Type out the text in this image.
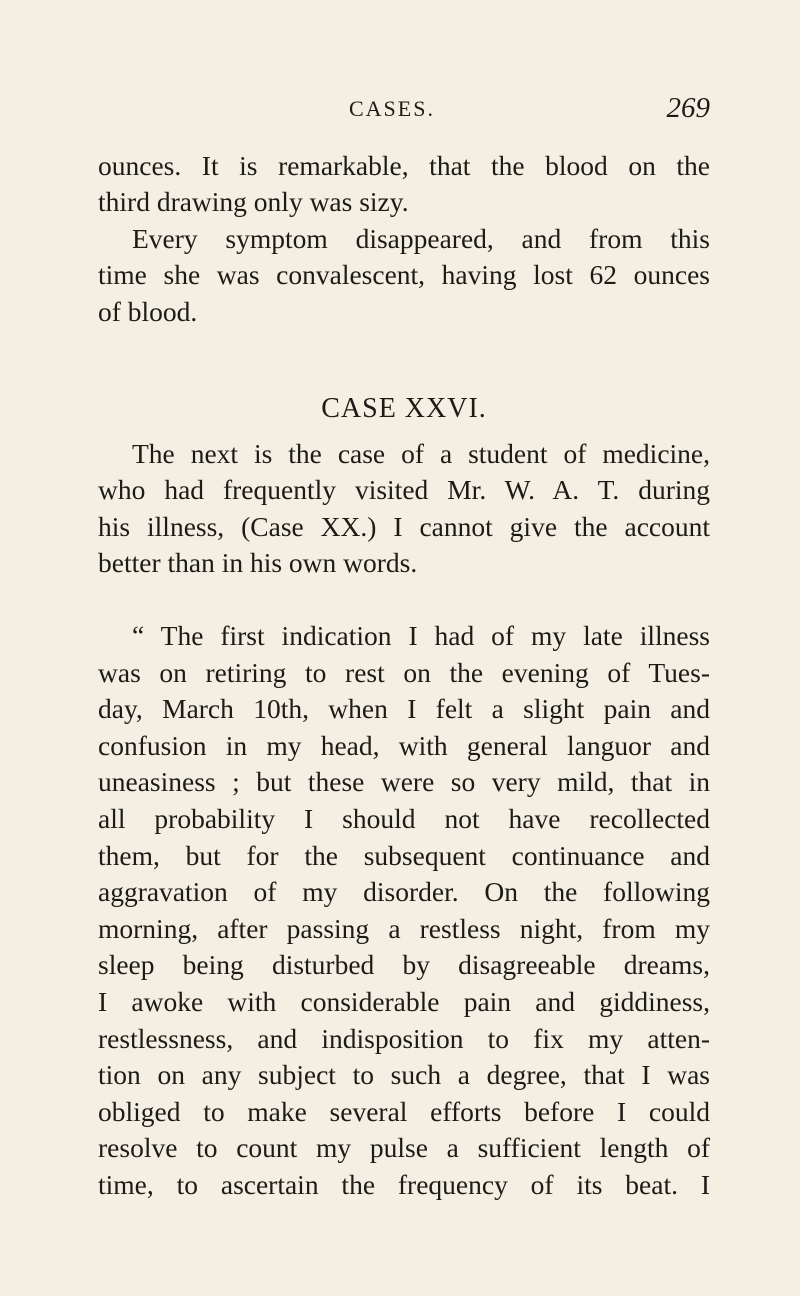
CASES.	269
ounces. It is remarkable, that the blood on the
third drawing only was sizy.
Every symptom disappeared, and from this
time she was convalescent, having lost 62 ounces
of blood.
CASE XXVI.
The next is the case of a student of medicine,
who had frequently visited Mr. W. A. T. during
his illness, (Case XX.) I cannot give the account
better than in his own words.
“ The first indication I had of my late illness
was on retiring to rest on the evening of Tues-
day, March 10th, when I felt a slight pain and
confusion in my head, with general languor and
uneasiness ; but these were so very mild, that in
all probability I should not have recollected
them, but for the subsequent continuance and
aggravation of my disorder. On the following
morning, after passing a restless night, from my
sleep being disturbed by disagreeable dreams,
I awoke with considerable pain and giddiness,
restlessness, and indisposition to fix my atten-
tion on any subject to such a degree, that I was
obliged to make several efforts before I could
resolve to count my pulse a sufficient length of
time, to ascertain the frequency of its beat. I
